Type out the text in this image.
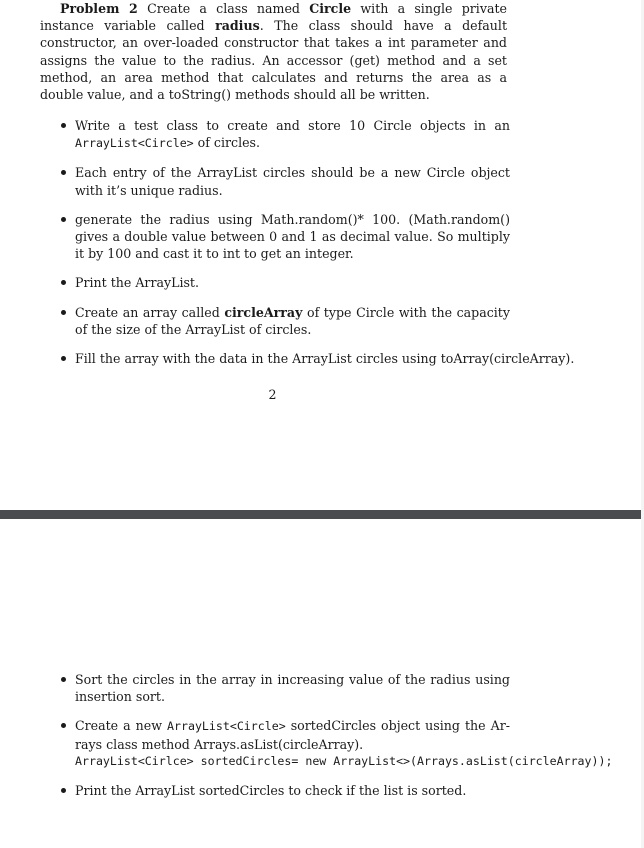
Problem 2 Create a class named Circle with a single private instance variable called radius. The class should have a default constructor, an over-loaded constructor that takes a int parameter and assigns the value to the radius. An accessor (get) method and a set method, an area method that calculates and returns the area as a double value, and a toString() methods should all be written.
Write a test class to create and store 10 Circle objects in an ArrayList<Circle> of circles.
Each entry of the ArrayList circles should be a new Circle object with it’s unique radius.
generate the radius using Math.random()* 100. (Math.random() gives a double value between 0 and 1 as decimal value. So multiply it by 100 and cast it to int to get an integer.
Print the ArrayList.
Create an array called circleArray of type Circle with the capacity of the size of the ArrayList of circles.
Fill the array with the data in the ArrayList circles using toArray(circleArray).
2
Sort the circles in the array in increasing value of the radius using insertion sort.
Create a new ArrayList<Circle> sortedCircles object using the Ar-rays class method Arrays.asList(circleArray).
ArrayList<Cirlce> sortedCircles= new ArrayList<>(Arrays.asList(circleArray));
Print the ArrayList sortedCircles to check if the list is sorted.
